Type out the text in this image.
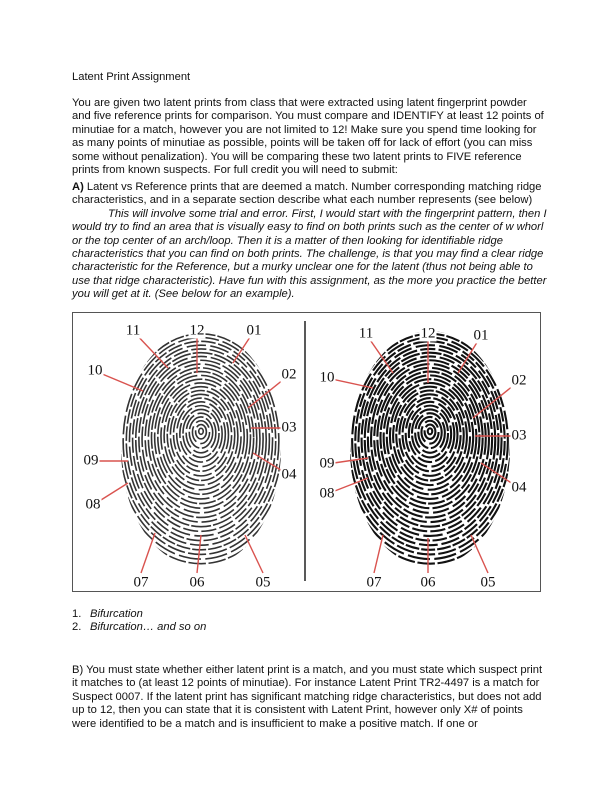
Latent Print Assignment

You are given two latent prints from class that were extracted using latent fingerprint powder and five reference prints for comparison. You must compare and IDENTIFY at least 12 points of minutiae for a match, however you are not limited to 12! Make sure you spend time looking for as many points of minutiae as possible, points will be taken off for lack of effort (you can miss some without penalization). You will be comparing these two latent prints to FIVE reference prints from known suspects. For full credit you will need to submit:

A) Latent vs Reference prints that are deemed a match. Number corresponding matching ridge characteristics, and in a separate section describe what each number represents (see below)
This will involve some trial and error. First, I would start with the fingerprint pattern, then I would try to find an area that is visually easy to find on both prints such as the center of w whorl or the top center of an arch/loop. Then it is a matter of then looking for identifiable ridge characteristics that you can find on both prints. The challenge, is that you may find a clear ridge characteristic for the Reference, but a murky unclear one for the latent (thus not being able to use that ridge characteristic). Have fun with this assignment, as the more you practice the better you will get at it. (See below for an example).
11	12	01
10	02
03
09
04
08
07	06	05
11	12	01
10	02
03
09
08	04
07	06	05
1. Bifurcation
2. Bifurcation… and so on

B) You must state whether either latent print is a match, and you must state which suspect print it matches to (at least 12 points of minutiae). For instance Latent Print TR2-4497 is a match for Suspect 0007. If the latent print has significant matching ridge characteristics, but does not add up to 12, then you can state that it is consistent with Latent Print, however only X# of points were identified to be a match and is insufficient to make a positive match. If one or
